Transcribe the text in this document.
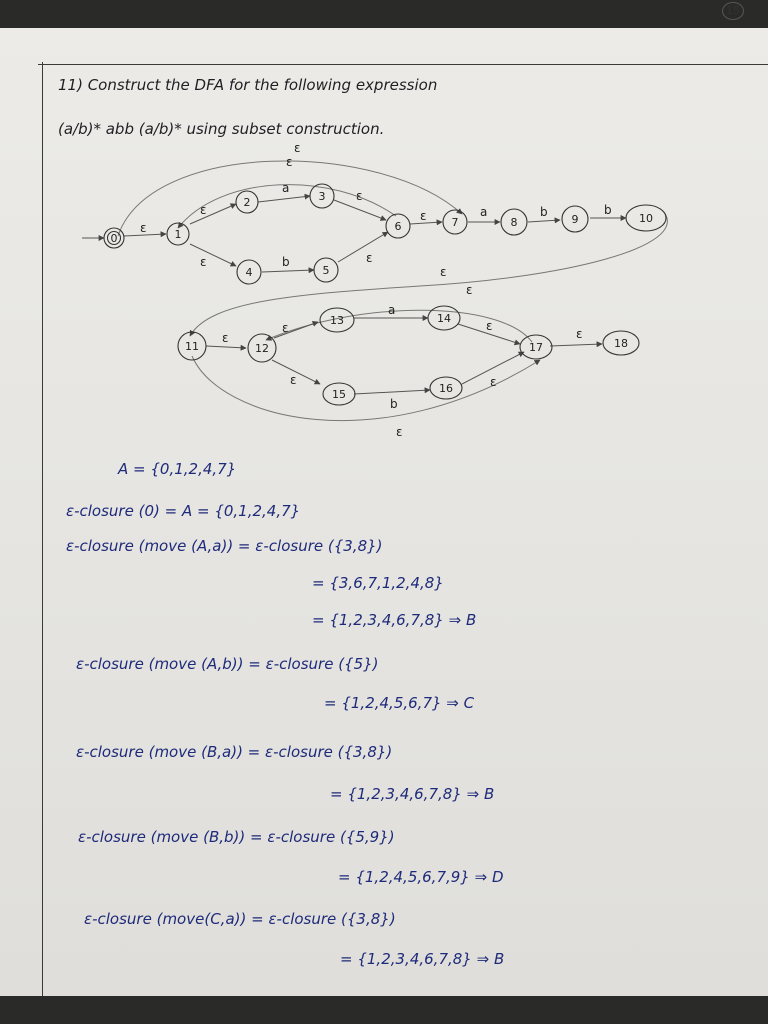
15
11) Construct the DFA for the following expression
(a/b)* abb (a/b)* using subset construction.
0	1
2	3
4	5
6	7	8	9	10
11	12
13	14
15	16
17	18
ε
ε
ε
ε
a
ε
ε	b	ε
ε	a	b	b
ε
ε
ε
ε
a
ε
ε
b
ε
ε
ε
A = {0,1,2,4,7}
ε-closure (0) = A = {0,1,2,4,7}
ε-closure (move (A,a)) = ε-closure ({3,8})
= {3,6,7,1,2,4,8}
= {1,2,3,4,6,7,8} ⇒ B
ε-closure (move (A,b)) = ε-closure ({5})
= {1,2,4,5,6,7} ⇒ C
ε-closure (move (B,a)) = ε-closure ({3,8})
= {1,2,3,4,6,7,8} ⇒ B
ε-closure (move (B,b)) = ε-closure ({5,9})
= {1,2,4,5,6,7,9} ⇒ D
ε-closure (move(C,a)) = ε-closure ({3,8})
= {1,2,3,4,6,7,8} ⇒ B
